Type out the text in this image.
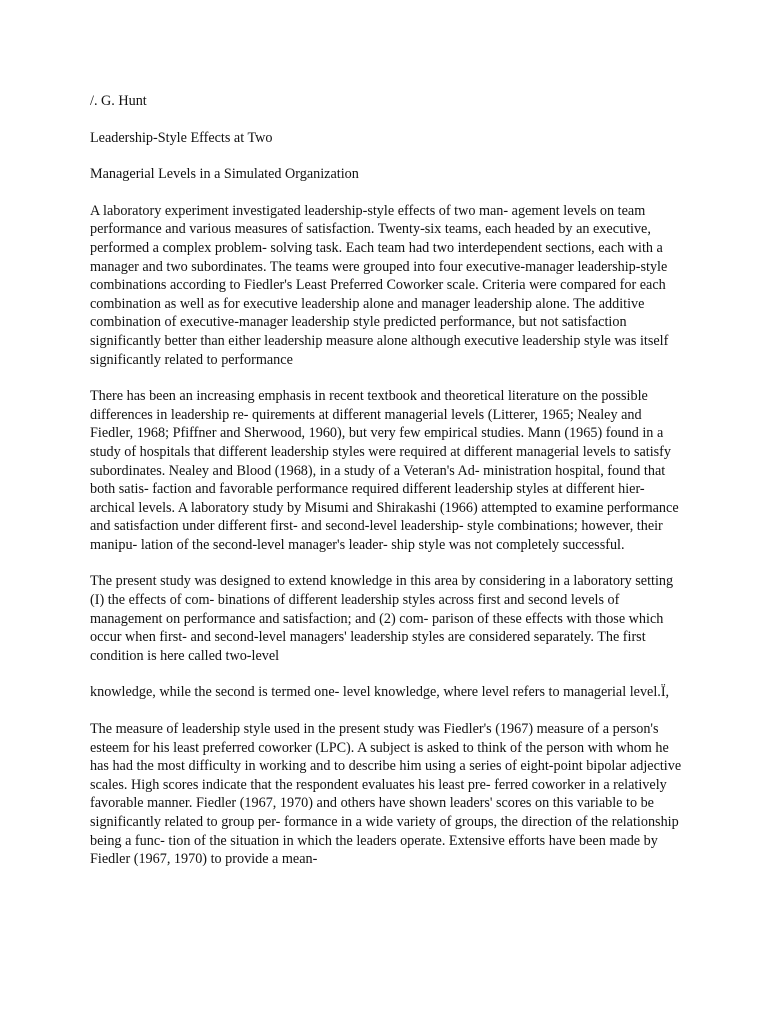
/. G. Hunt
Leadership-Style Effects at Two
Managerial Levels in a Simulated Organization
A laboratory experiment investigated leadership-style effects of two man- agement levels on team performance and various measures of satisfaction. Twenty-six teams, each headed by an executive, performed a complex problem- solving task. Each team had two interdependent sections, each with a manager and two subordinates. The teams were grouped into four executive-manager leadership-style combinations according to Fiedler's Least Preferred Coworker scale. Criteria were compared for each combination as well as for executive leadership alone and manager leadership alone. The additive combination of executive-manager leadership style predicted performance, but not satisfaction significantly better than either leadership measure alone although executive leadership style was itself significantly related to performance
There has been an increasing emphasis in recent textbook and theoretical literature on the possible differences in leadership re- quirements at different managerial levels (Litterer, 1965; Nealey and Fiedler, 1968; Pfiffner and Sherwood, 1960), but very few empirical studies. Mann (1965) found in a study of hospitals that different leadership styles were required at different managerial levels to satisfy subordinates. Nealey and Blood (1968), in a study of a Veteran's Ad- ministration hospital, found that both satis- faction and favorable performance required different leadership styles at different hier- archical levels. A laboratory study by Misumi and Shirakashi (1966) attempted to examine performance and satisfaction under different first- and second-level leadership- style combinations; however, their manipu- lation of the second-level manager's leader- ship style was not completely successful.
The present study was designed to extend knowledge in this area by considering in a laboratory setting (I) the effects of com- binations of different leadership styles across first and second levels of management on performance and satisfaction; and (2) com- parison of these effects with those which occur when first- and second-level managers' leadership styles are considered separately. The first condition is here called two-level
knowledge, while the second is termed one- level knowledge, where level refers to managerial level.Ï,
The measure of leadership style used in the present study was Fiedler's (1967) measure of a person's esteem for his least preferred coworker (LPC). A subject is asked to think of the person with whom he has had the most difficulty in working and to describe him using a series of eight-point bipolar adjective scales. High scores indicate that the respondent evaluates his least pre- ferred coworker in a relatively favorable manner. Fiedler (1967, 1970) and others have shown leaders' scores on this variable to be significantly related to group per- formance in a wide variety of groups, the direction of the relationship being a func- tion of the situation in which the leaders operate. Extensive efforts have been made by Fiedler (1967, 1970) to provide a mean-
